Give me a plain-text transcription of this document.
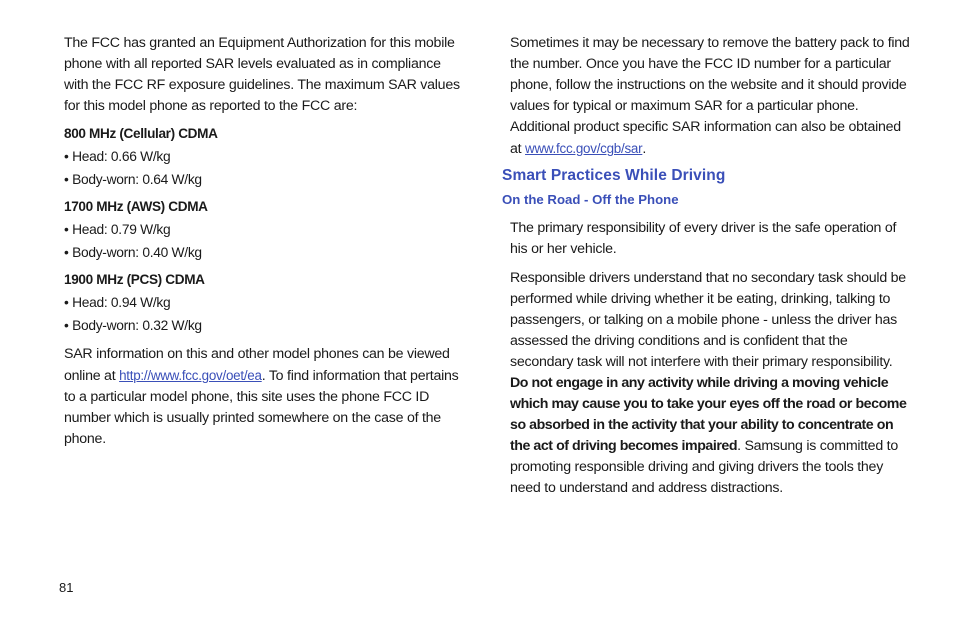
The FCC has granted an Equipment Authorization for this mobile phone with all reported SAR levels evaluated as in compliance with the FCC RF exposure guidelines. The maximum SAR values for this model phone as reported to the FCC are:

800 MHz (Cellular) CDMA
• Head: 0.66 W/kg
• Body-worn: 0.64 W/kg
1700 MHz (AWS) CDMA
• Head: 0.79 W/kg
• Body-worn: 0.40 W/kg
1900 MHz (PCS) CDMA
• Head: 0.94 W/kg
• Body-worn: 0.32 W/kg

SAR information on this and other model phones can be viewed online at http://www.fcc.gov/oet/ea. To find information that pertains to a particular model phone, this site uses the phone FCC ID number which is usually printed somewhere on the case of the phone.

Sometimes it may be necessary to remove the battery pack to find the number. Once you have the FCC ID number for a particular phone, follow the instructions on the website and it should provide values for typical or maximum SAR for a particular phone. Additional product specific SAR information can also be obtained at www.fcc.gov/cgb/sar.

Smart Practices While Driving
On the Road - Off the Phone

The primary responsibility of every driver is the safe operation of his or her vehicle.

Responsible drivers understand that no secondary task should be performed while driving whether it be eating, drinking, talking to passengers, or talking on a mobile phone - unless the driver has assessed the driving conditions and is confident that the secondary task will not interfere with their primary responsibility. Do not engage in any activity while driving a moving vehicle which may cause you to take your eyes off the road or become so absorbed in the activity that your ability to concentrate on the act of driving becomes impaired. Samsung is committed to promoting responsible driving and giving drivers the tools they need to understand and address distractions.

81
